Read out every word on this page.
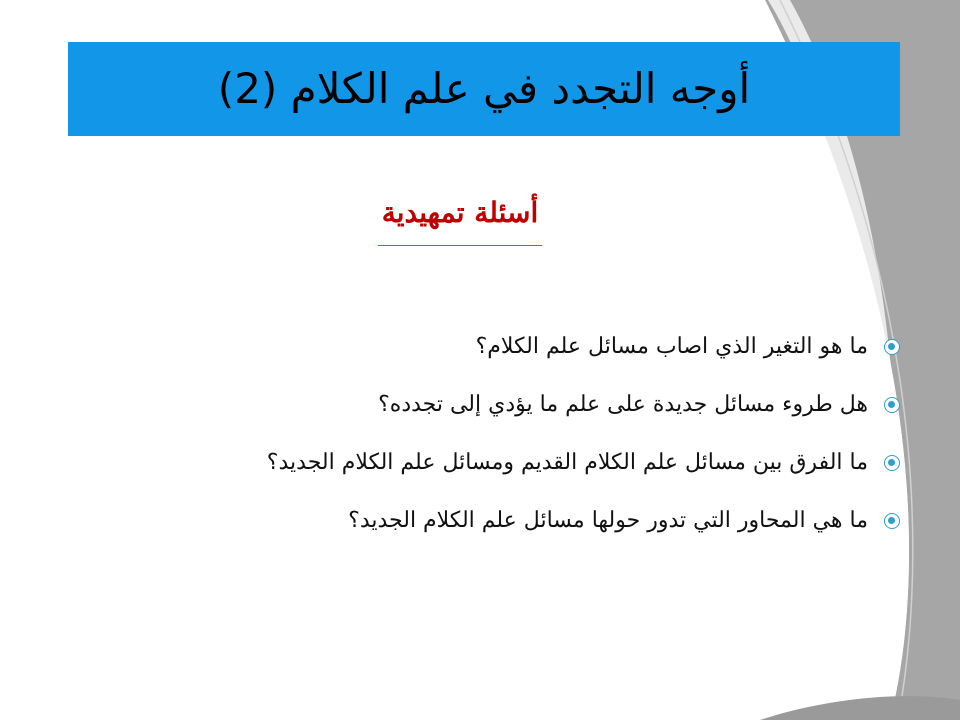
أوجه التجدد في علم الكلام (2)
أسئلة تمهيدية
ما هو التغير الذي اصاب مسائل علم الكلام؟
هل طروء مسائل جديدة على علم ما يؤدي إلى تجدده؟
ما الفرق بين مسائل علم الكلام القديم ومسائل علم الكلام الجديد؟
ما هي المحاور التي تدور حولها مسائل علم الكلام الجديد؟
